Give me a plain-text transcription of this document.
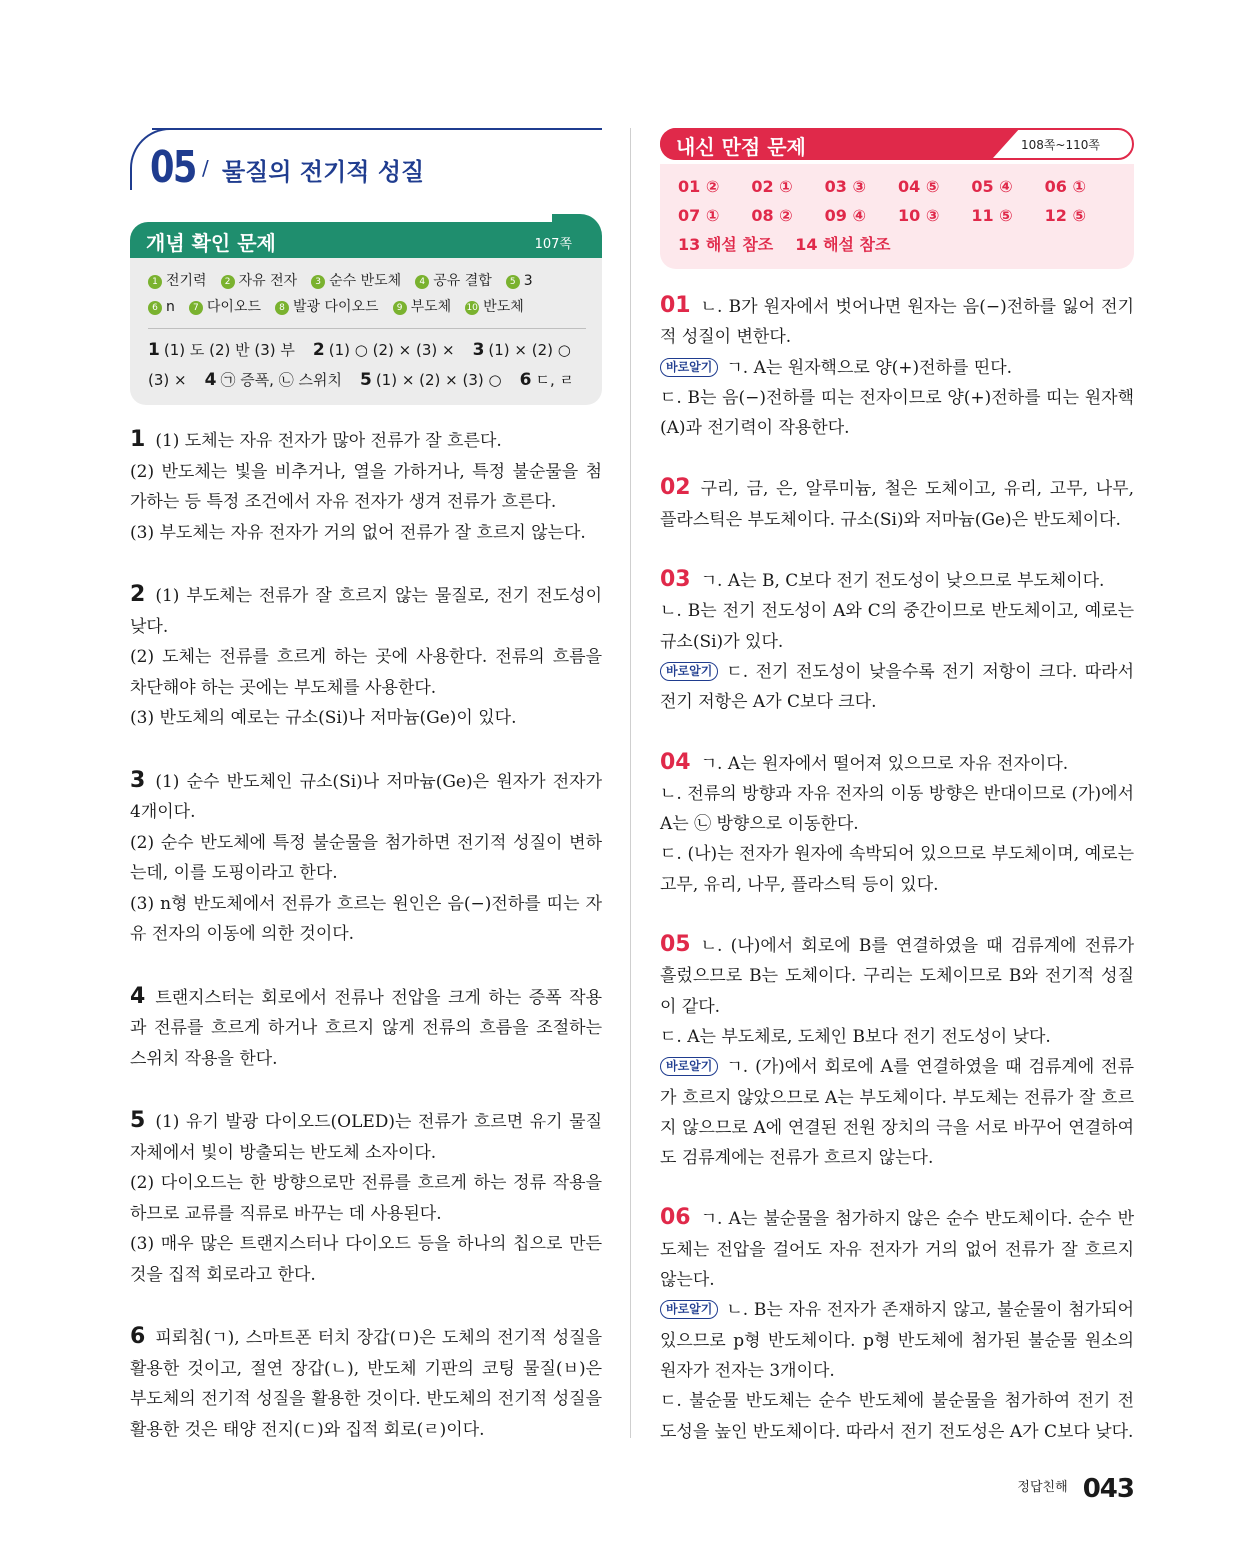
05 / 물질의 전기적 성질
개념 확인 문제	107쪽
1 전기력	2 자유 전자	3 순수 반도체	4 공유 결합	5 3
6 n	7 다이오드	8 발광 다이오드	9 부도체 10 반도체
1 (1) 도 (2) 반 (3) 부 2 (1) ○ (2) × (3) × 3 (1) × (2) ○
(3) × 4 ㉠ 증폭, ㉡ 스위치 5 (1) × (2) × (3) ○ 6 ㄷ, ㄹ

1 (1) 도체는 자유 전자가 많아 전류가 잘 흐른다.

(2) 반도체는 빛을 비추거나, 열을 가하거나, 특정 불순물을 첨가하는 등 특정 조건에서 자유 전자가 생겨 전류가 흐른다.

(3) 부도체는 자유 전자가 거의 없어 전류가 잘 흐르지 않는다.

2 (1) 부도체는 전류가 잘 흐르지 않는 물질로, 전기 전도성이 낮다.

(2) 도체는 전류를 흐르게 하는 곳에 사용한다. 전류의 흐름을 차단해야 하는 곳에는 부도체를 사용한다.

(3) 반도체의 예로는 규소(Si)나 저마늄(Ge)이 있다.

3 (1) 순수 반도체인 규소(Si)나 저마늄(Ge)은 원자가 전자가 4개이다.

(2) 순수 반도체에 특정 불순물을 첨가하면 전기적 성질이 변하는데, 이를 도핑이라고 한다.

(3) n형 반도체에서 전류가 흐르는 원인은 음(−)전하를 띠는 자유 전자의 이동에 의한 것이다.

4 트랜지스터는 회로에서 전류나 전압을 크게 하는 증폭 작용과 전류를 흐르게 하거나 흐르지 않게 전류의 흐름을 조절하는 스위치 작용을 한다.

5 (1) 유기 발광 다이오드(OLED)는 전류가 흐르면 유기 물질 자체에서 빛이 방출되는 반도체 소자이다.

(2) 다이오드는 한 방향으로만 전류를 흐르게 하는 정류 작용을 하므로 교류를 직류로 바꾸는 데 사용된다.

(3) 매우 많은 트랜지스터나 다이오드 등을 하나의 칩으로 만든 것을 집적 회로라고 한다.

6 피뢰침(ㄱ), 스마트폰 터치 장갑(ㅁ)은 도체의 전기적 성질을 활용한 것이고, 절연 장갑(ㄴ), 반도체 기판의 코팅 물질(ㅂ)은 부도체의 전기적 성질을 활용한 것이다. 반도체의 전기적 성질을 활용한 것은 태양 전지(ㄷ)와 집적 회로(ㄹ)이다.

내신 만점 문제	108쪽~110쪽
01 ②	02 ①	03 ③	04 ⑤	05 ④	06 ①
07 ①	08 ②	09 ④	10 ③	11 ⑤	12 ⑤
13 해설 참조 14 해설 참조

01 ㄴ. B가 원자에서 벗어나면 원자는 음(−)전하를 잃어 전기적 성질이 변한다.

바로알기 ㄱ. A는 원자핵으로 양(+)전하를 띤다.

ㄷ. B는 음(−)전하를 띠는 전자이므로 양(+)전하를 띠는 원자핵(A)과 전기력이 작용한다.

02 구리, 금, 은, 알루미늄, 철은 도체이고, 유리, 고무, 나무, 플라스틱은 부도체이다. 규소(Si)와 저마늄(Ge)은 반도체이다.

03 ㄱ. A는 B, C보다 전기 전도성이 낮으므로 부도체이다.

ㄴ. B는 전기 전도성이 A와 C의 중간이므로 반도체이고, 예로는 규소(Si)가 있다.

바로알기 ㄷ. 전기 전도성이 낮을수록 전기 저항이 크다. 따라서 전기 저항은 A가 C보다 크다.

04 ㄱ. A는 원자에서 떨어져 있으므로 자유 전자이다.

ㄴ. 전류의 방향과 자유 전자의 이동 방향은 반대이므로 (가)에서 A는 ㉡ 방향으로 이동한다.

ㄷ. (나)는 전자가 원자에 속박되어 있으므로 부도체이며, 예로는 고무, 유리, 나무, 플라스틱 등이 있다.

05 ㄴ. (나)에서 회로에 B를 연결하였을 때 검류계에 전류가 흘렀으므로 B는 도체이다. 구리는 도체이므로 B와 전기적 성질이 같다.

ㄷ. A는 부도체로, 도체인 B보다 전기 전도성이 낮다.

바로알기 ㄱ. (가)에서 회로에 A를 연결하였을 때 검류계에 전류가 흐르지 않았으므로 A는 부도체이다. 부도체는 전류가 잘 흐르지 않으므로 A에 연결된 전원 장치의 극을 서로 바꾸어 연결하여도 검류계에는 전류가 흐르지 않는다.

06 ㄱ. A는 불순물을 첨가하지 않은 순수 반도체이다. 순수 반도체는 전압을 걸어도 자유 전자가 거의 없어 전류가 잘 흐르지 않는다.

바로알기 ㄴ. B는 자유 전자가 존재하지 않고, 불순물이 첨가되어 있으므로 p형 반도체이다. p형 반도체에 첨가된 불순물 원소의 원자가 전자는 3개이다.

ㄷ. 불순물 반도체는 순수 반도체에 불순물을 첨가하여 전기 전도성을 높인 반도체이다. 따라서 전기 전도성은 A가 C보다 낮다.

$^{정답친해}$ 043
